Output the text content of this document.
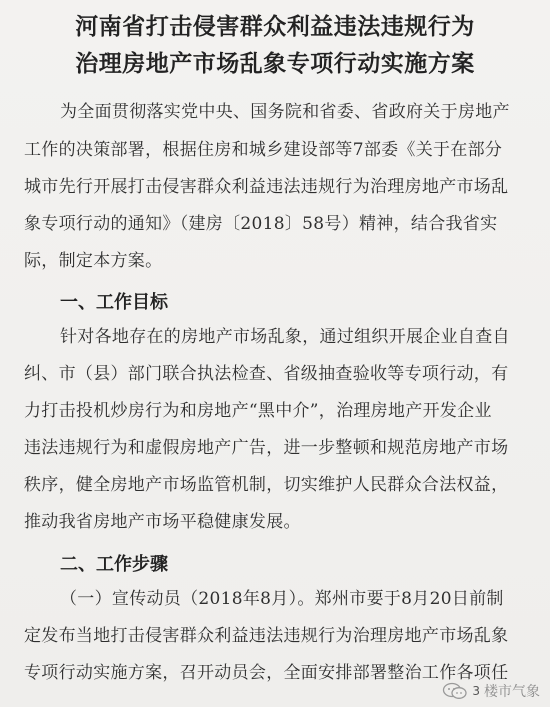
河南省打击侵害群众利益违法违规行为
治理房地产市场乱象专项行动实施方案
为全面贯彻落实党中央、国务院和省委、省政府关于房地产
工作的决策部署，根据住房和城乡建设部等7部委《关于在部分
城市先行开展打击侵害群众利益违法违规行为治理房地产市场乱
象专项行动的通知》（建房〔2018〕58号）精神，结合我省实
际，制定本方案。
一、工作目标
针对各地存在的房地产市场乱象，通过组织开展企业自查自
纠、市（县）部门联合执法检查、省级抽查验收等专项行动，有
力打击投机炒房行为和房地产“黑中介”，治理房地产开发企业
违法违规行为和虚假房地产广告，进一步整顿和规范房地产市场
秩序，健全房地产市场监管机制，切实维护人民群众合法权益，
推动我省房地产市场平稳健康发展。
二、工作步骤
（一）宣传动员（2018年8月）。郑州市要于8月20日前制
定发布当地打击侵害群众利益违法违规行为治理房地产市场乱象
专项行动实施方案，召开动员会，全面安排部署整治工作各项任
3 楼市气象
